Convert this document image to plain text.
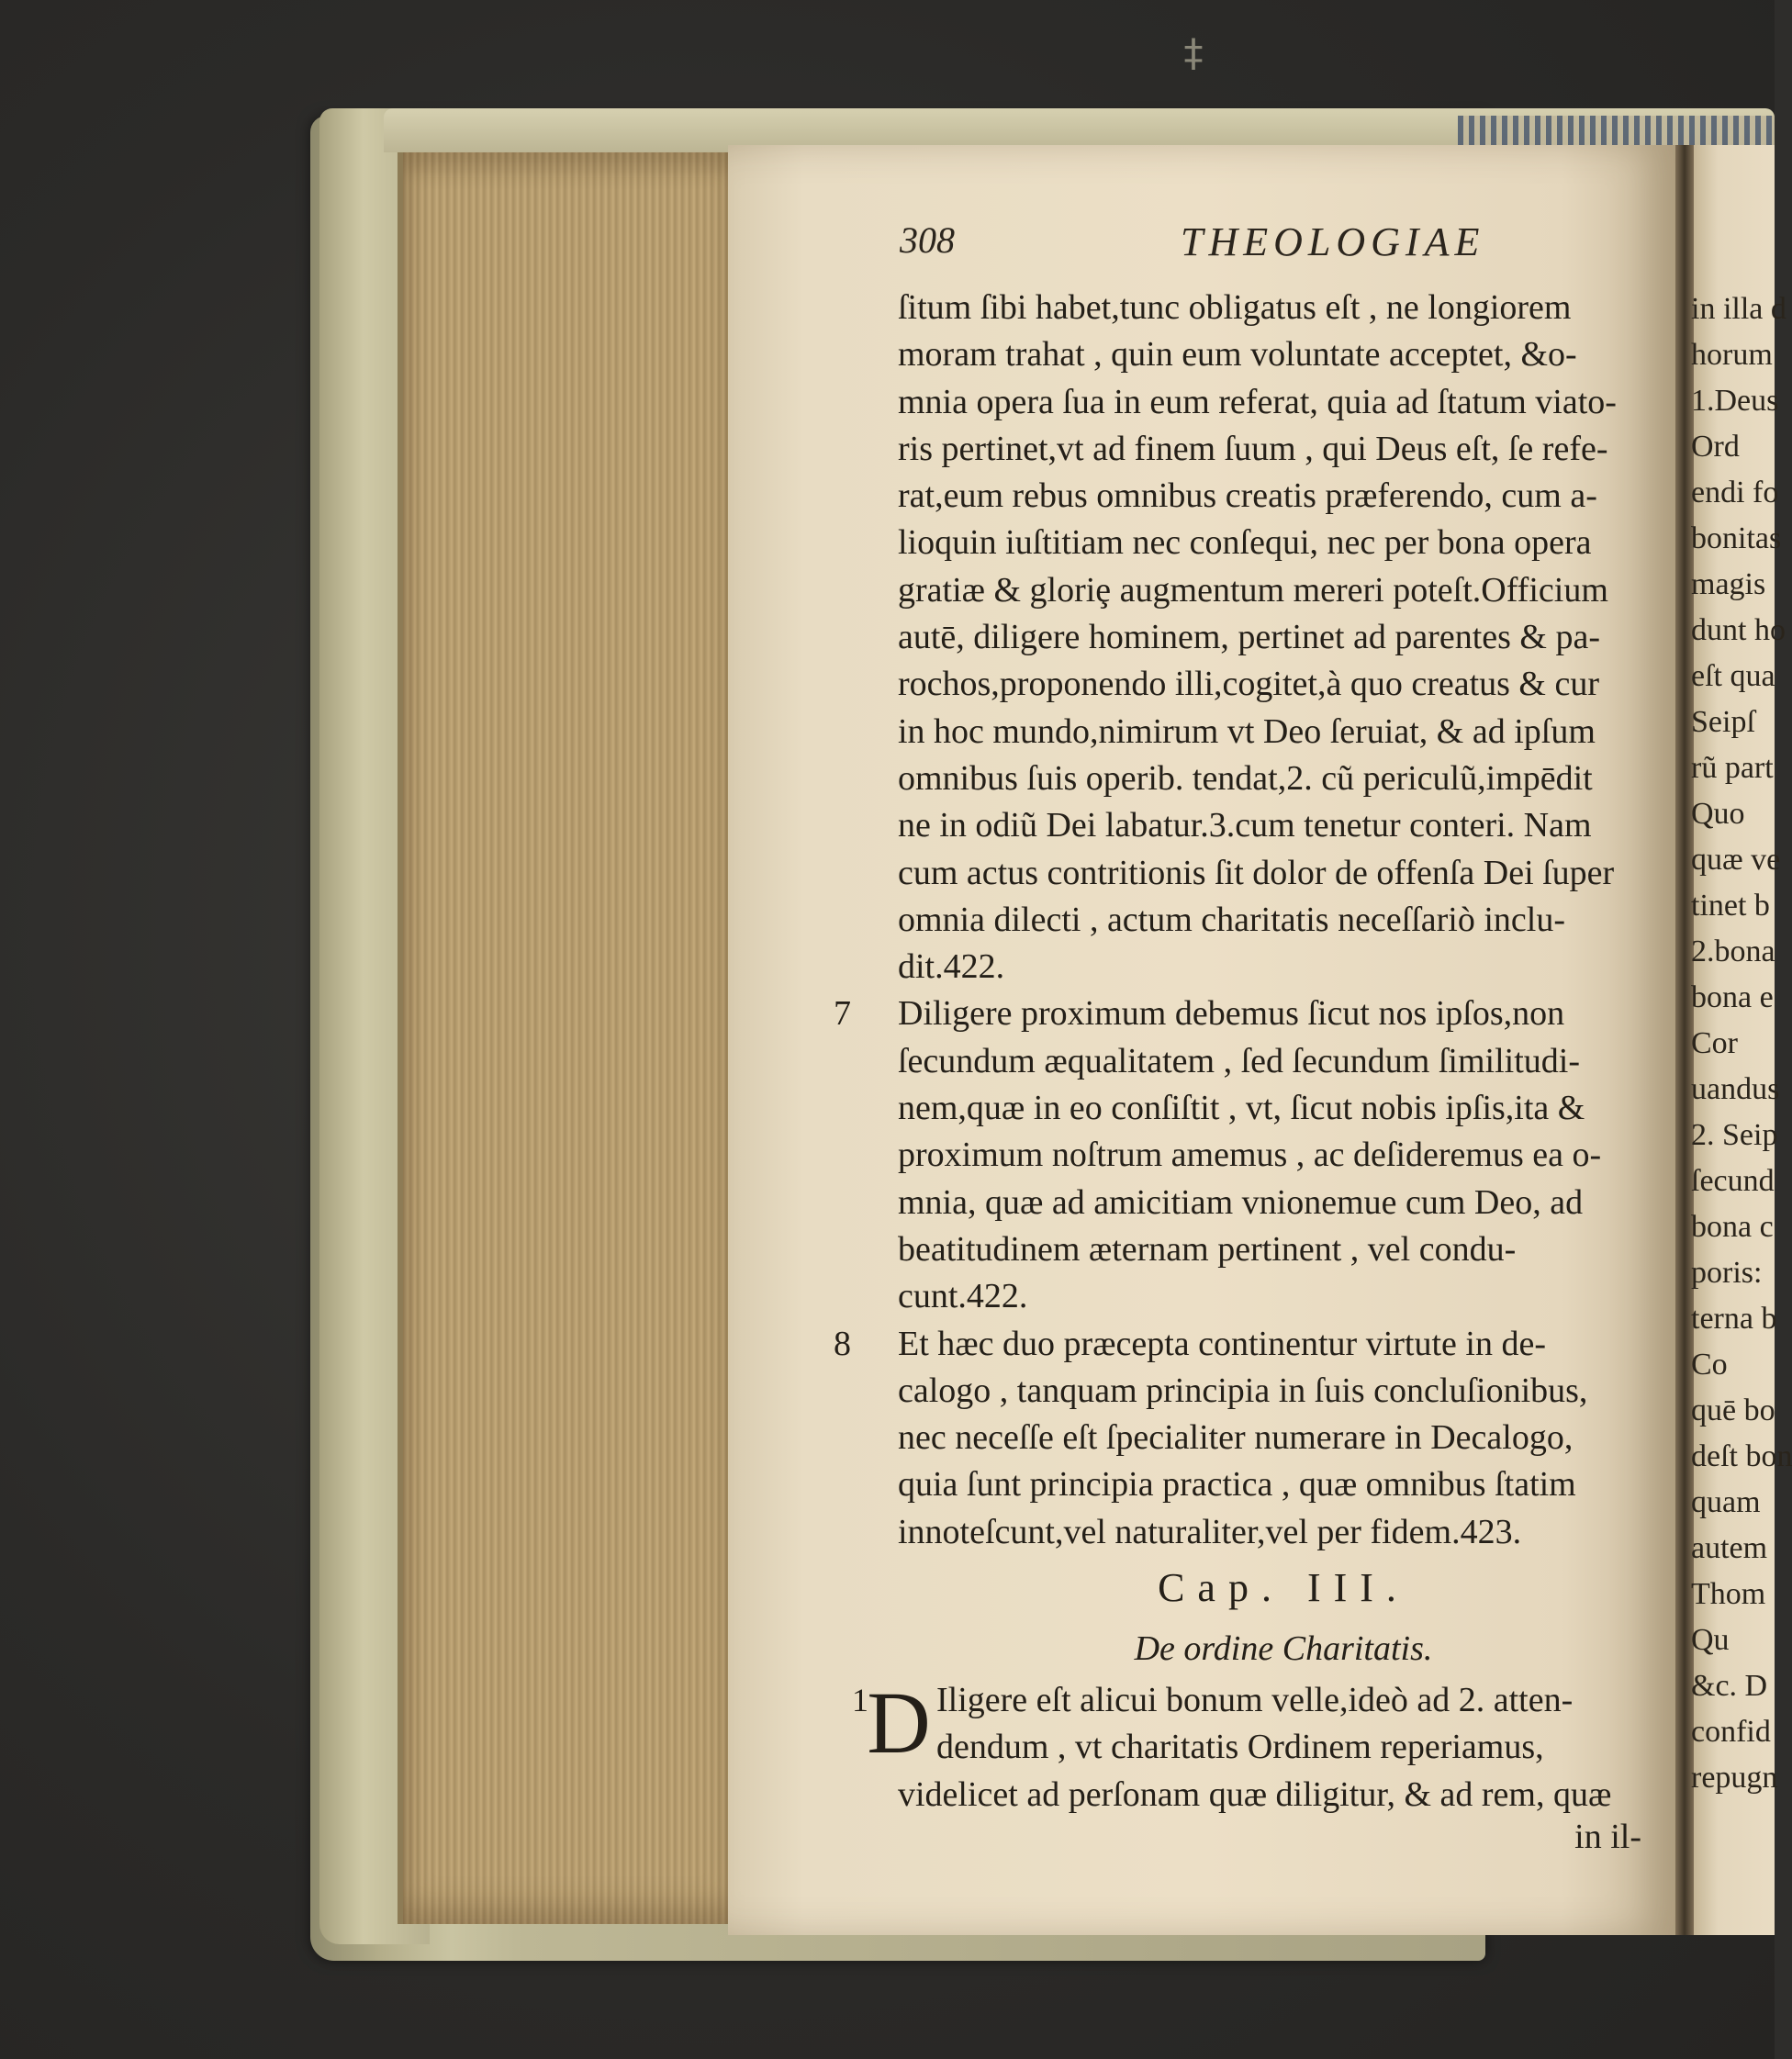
‡
308	THEOLOGIAE
ſitum ſibi habet,tunc obligatus eſt , ne longiorem
moram trahat , quin eum voluntate acceptet, &o-
mnia opera ſua in eum referat, quia ad ſtatum viato-
ris pertinet,vt ad finem ſuum , qui Deus eſt, ſe refe-
rat,eum rebus omnibus creatis præferendo, cum a-
lioquin iuſtitiam nec conſequi, nec per bona opera
gratiæ & gloriȩ augmentum mereri poteſt.Officium
autē, diligere hominem, pertinet ad parentes & pa-
rochos,proponendo illi,cogitet,à quo creatus & cur
in hoc mundo,nimirum vt Deo ſeruiat, & ad ipſum
omnibus ſuis operib. tendat,2. cũ periculũ,impēdit
ne in odiũ Dei labatur.3.cum tenetur conteri. Nam
cum actus contritionis ſit dolor de offenſa Dei ſuper
omnia dilecti , actum charitatis neceſſariò inclu-
dit.422.
7 Diligere proximum debemus ſicut nos ipſos,non
ſecundum æqualitatem , ſed ſecundum ſimilitudi-
nem,quæ in eo conſiſtit , vt, ſicut nobis ipſis,ita &
proximum noſtrum amemus , ac deſideremus ea o-
mnia, quæ ad amicitiam vnionemue cum Deo, ad
beatitudinem æternam pertinent , vel condu-
cunt.422.
8 Et hæc duo præcepta continentur virtute in de-
calogo , tanquam principia in ſuis concluſionibus,
nec neceſſe eſt ſpecialiter numerare in Decalogo,
quia ſunt principia practica , quæ omnibus ſtatim
innoteſcunt,vel naturaliter,vel per fidem.423.
Cap. III.
De ordine Charitatis.
1
D Iligere eſt alicui bonum velle,ideò ad 2. atten-
dendum , vt charitatis Ordinem reperiamus,
videlicet ad perſonam quæ diligitur, & ad rem, quæ
in il-
in illa d
horum
1.Deus
Ord
endi fo
bonitas
magis
dunt ho
eſt qua
Seipſ
rũ part
Quo
quæ ve
tinet b
2.bona
bona e
Cor
uandus
2. Seip
ſecund
bona c
poris:
terna b
Co
quē bo
deſt bon
quam
autem
Thom
Qu
&c. D
confid
repugn
